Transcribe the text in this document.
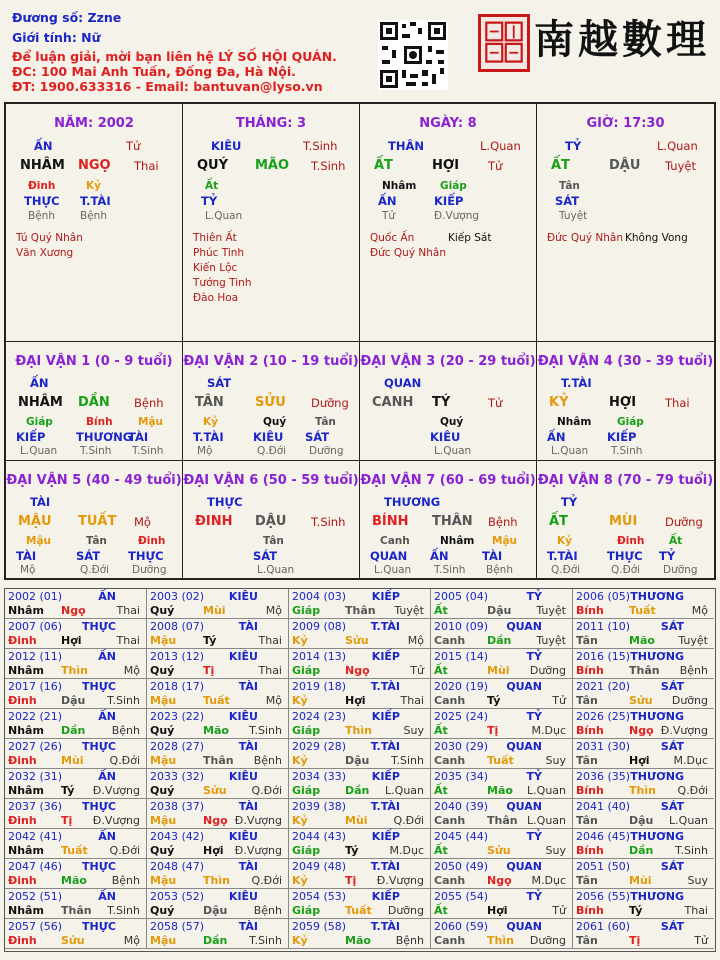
Đương số: Zzne
Giới tính: Nữ
Để luận giải, mời bạn liên hệ LÝ SỐ HỘI QUÁN.
ĐC: 100 Mai Anh Tuấn, Đống Đa, Hà Nội.
ĐT: 1900.633316 - Email: bantuvan@lyso.vn
南越數理
NĂM: 2002
ẤN	Tử
NHÂM NGỌ Thai
Đinh	Kỷ
THỰC T.TÀI
Bệnh Bệnh
Tú Quý Nhân
Văn Xương
THÁNG: 3
KIÊU	T.Sinh
QUÝ MÃO T.Sinh
Ất
TỶ
L.Quan
Thiên Ất
Phúc Tinh
Kiến Lộc
Tướng Tinh
Đào Hoa
NGÀY: 8
THÂN	L.Quan
ẤT	HỢI	Tử
Nhâm Giáp
ẤN	KIẾP
Tử	Đ.Vượng
Quốc Ấn
Đức Quý Nhân
Kiếp Sát
GIỜ: 17:30
TỶ	L.Quan
ẤT	DẬU Tuyệt
Tân
SÁT
Tuyệt
Đức Quý Nhân Không Vong
ĐẠI VẬN 1 (0 - 9 tuổi)
ẤN
NHÂM DẦN Bệnh
Giáp
KIẾP
L.Quan
Bính
THƯƠNG
T.Sinh
Mậu
TÀI
T.Sinh
ĐẠI VẬN 2 (10 - 19 tuổi)
SÁT
TÂN SỬU Dưỡng
Kỷ
T.TÀI
Mộ
Quý
KIÊU
Q.Đới
Tân
SÁT
Dưỡng
ĐẠI VẬN 3 (20 - 29 tuổi)
QUAN
CANH TÝ	Tử
Quý
KIÊU
L.Quan
ĐẠI VẬN 4 (30 - 39 tuổi)
T.TÀI
KỶ	HỢI	Thai
Nhâm
ẤN
L.Quan
Giáp
KIẾP
T.Sinh
ĐẠI VẬN 5 (40 - 49 tuổi)
TÀI
MẬU TUẤT Mộ
Mậu
TÀI
Mộ
Tân
SÁT
Q.Đới
Đinh
THỰC
Dưỡng
ĐẠI VẬN 6 (50 - 59 tuổi)
THỰC
ĐINH DẬU T.Sinh
Tân
SÁT
L.Quan
ĐẠI VẬN 7 (60 - 69 tuổi)
THƯƠNG
BÍNH THÂN Bệnh
Canh
QUAN
L.Quan
Nhâm
ẤN
T.Sinh
Mậu
TÀI
Bệnh
ĐẠI VẬN 8 (70 - 79 tuổi)
TỶ
ẤT	MÙI Dưỡng
Kỷ
T.TÀI
Q.Đới
Đinh
THỰC
Q.Đới
Ất
TỶ
Dưỡng
2002 (01)	ẤN
Nhâm Ngọ	Thai
2003 (02) KIÊU
Quý	Mùi	Mộ
2004 (03) KIẾP
Giáp Thân Tuyệt
2005 (04)	TỶ
Ất	Dậu Tuyệt
2006 (05) THƯƠNG
Bính Tuất	Mộ
2007 (06) THỰC
Đinh Hợi	Thai
2008 (07)	TÀI
Mậu Tý	Thai
2009 (08) T.TÀI
Kỷ	Sửu	Mộ
2010 (09) QUAN
Canh Dần Tuyệt
2011 (10)	SÁT
Tân	Mão Tuyệt
2012 (11)	ẤN
Nhâm Thìn	Mộ
2013 (12) KIÊU
Quý	Tị	Thai
2014 (13) KIẾP
Giáp Ngọ	Tử
2015 (14)	TỶ
Ất	Mùi Dưỡng
2016 (15) THƯƠNG
Bính Thân Bệnh
2017 (16) THỰC
Đinh Dậu T.Sinh
2018 (17)	TÀI
Mậu Tuất	Mộ
2019 (18) T.TÀI
Kỷ	Hợi	Thai
2020 (19) QUAN
Canh Tý	Tử
2021 (20)	SÁT
Tân	Sửu Dưỡng
2022 (21)	ẤN
Nhâm Dần Bệnh
2023 (22) KIÊU
Quý	Mão T.Sinh
2024 (23) KIẾP
Giáp Thìn	Suy
2025 (24)	TỶ
Ất	Tị	M.Dục
2026 (25) THƯƠNG
Bính Ngọ Đ.Vượng
2027 (26) THỰC
Đinh Mùi Q.Đới
2028 (27)	TÀI
Mậu Thân Bệnh
2029 (28) T.TÀI
Kỷ	Dậu T.Sinh
2030 (29) QUAN
Canh Tuất	Suy
2031 (30)	SÁT
Tân	Hợi M.Dục
2032 (31)	ẤN
Nhâm Tý Đ.Vượng
2033 (32) KIÊU
Quý	Sửu Q.Đới
2034 (33) KIẾP
Giáp Dần L.Quan
2035 (34)	TỶ
Ất	Mão L.Quan
2036 (35) THƯƠNG
Bính Thìn Q.Đới
2037 (36) THỰC
Đinh Tị Đ.Vượng
2038 (37)	TÀI
Mậu Ngọ Đ.Vượng
2039 (38) T.TÀI
Kỷ	Mùi Q.Đới
2040 (39) QUAN
Canh Thân L.Quan
2041 (40)	SÁT
Tân	Dậu L.Quan
2042 (41)	ẤN
Nhâm Tuất Q.Đới
2043 (42) KIÊU
Quý	Hợi Đ.Vượng
2044 (43) KIẾP
Giáp Tý	M.Dục
2045 (44)	TỶ
Ất	Sửu	Suy
2046 (45) THƯƠNG
Bính Dần T.Sinh
2047 (46) THỰC
Đinh Mão Bệnh
2048 (47)	TÀI
Mậu Thìn Q.Đới
2049 (48) T.TÀI
Kỷ	Tị Đ.Vượng
2050 (49) QUAN
Canh Ngọ M.Dục
2051 (50)	SÁT
Tân	Mùi	Suy
2052 (51)	ẤN
Nhâm Thân T.Sinh
2053 (52) KIÊU
Quý	Dậu Bệnh
2054 (53) KIẾP
Giáp Tuất Dưỡng
2055 (54)	TỶ
Ất	Hợi	Tử
2056 (55) THƯƠNG
Bính Tý	Thai
2057 (56) THỰC
Đinh Sửu	Mộ
2058 (57)	TÀI
Mậu Dần T.Sinh
2059 (58) T.TÀI
Kỷ	Mão Bệnh
2060 (59) QUAN
Canh Thìn Dưỡng
2061 (60)	SÁT
Tân	Tị	Tử
